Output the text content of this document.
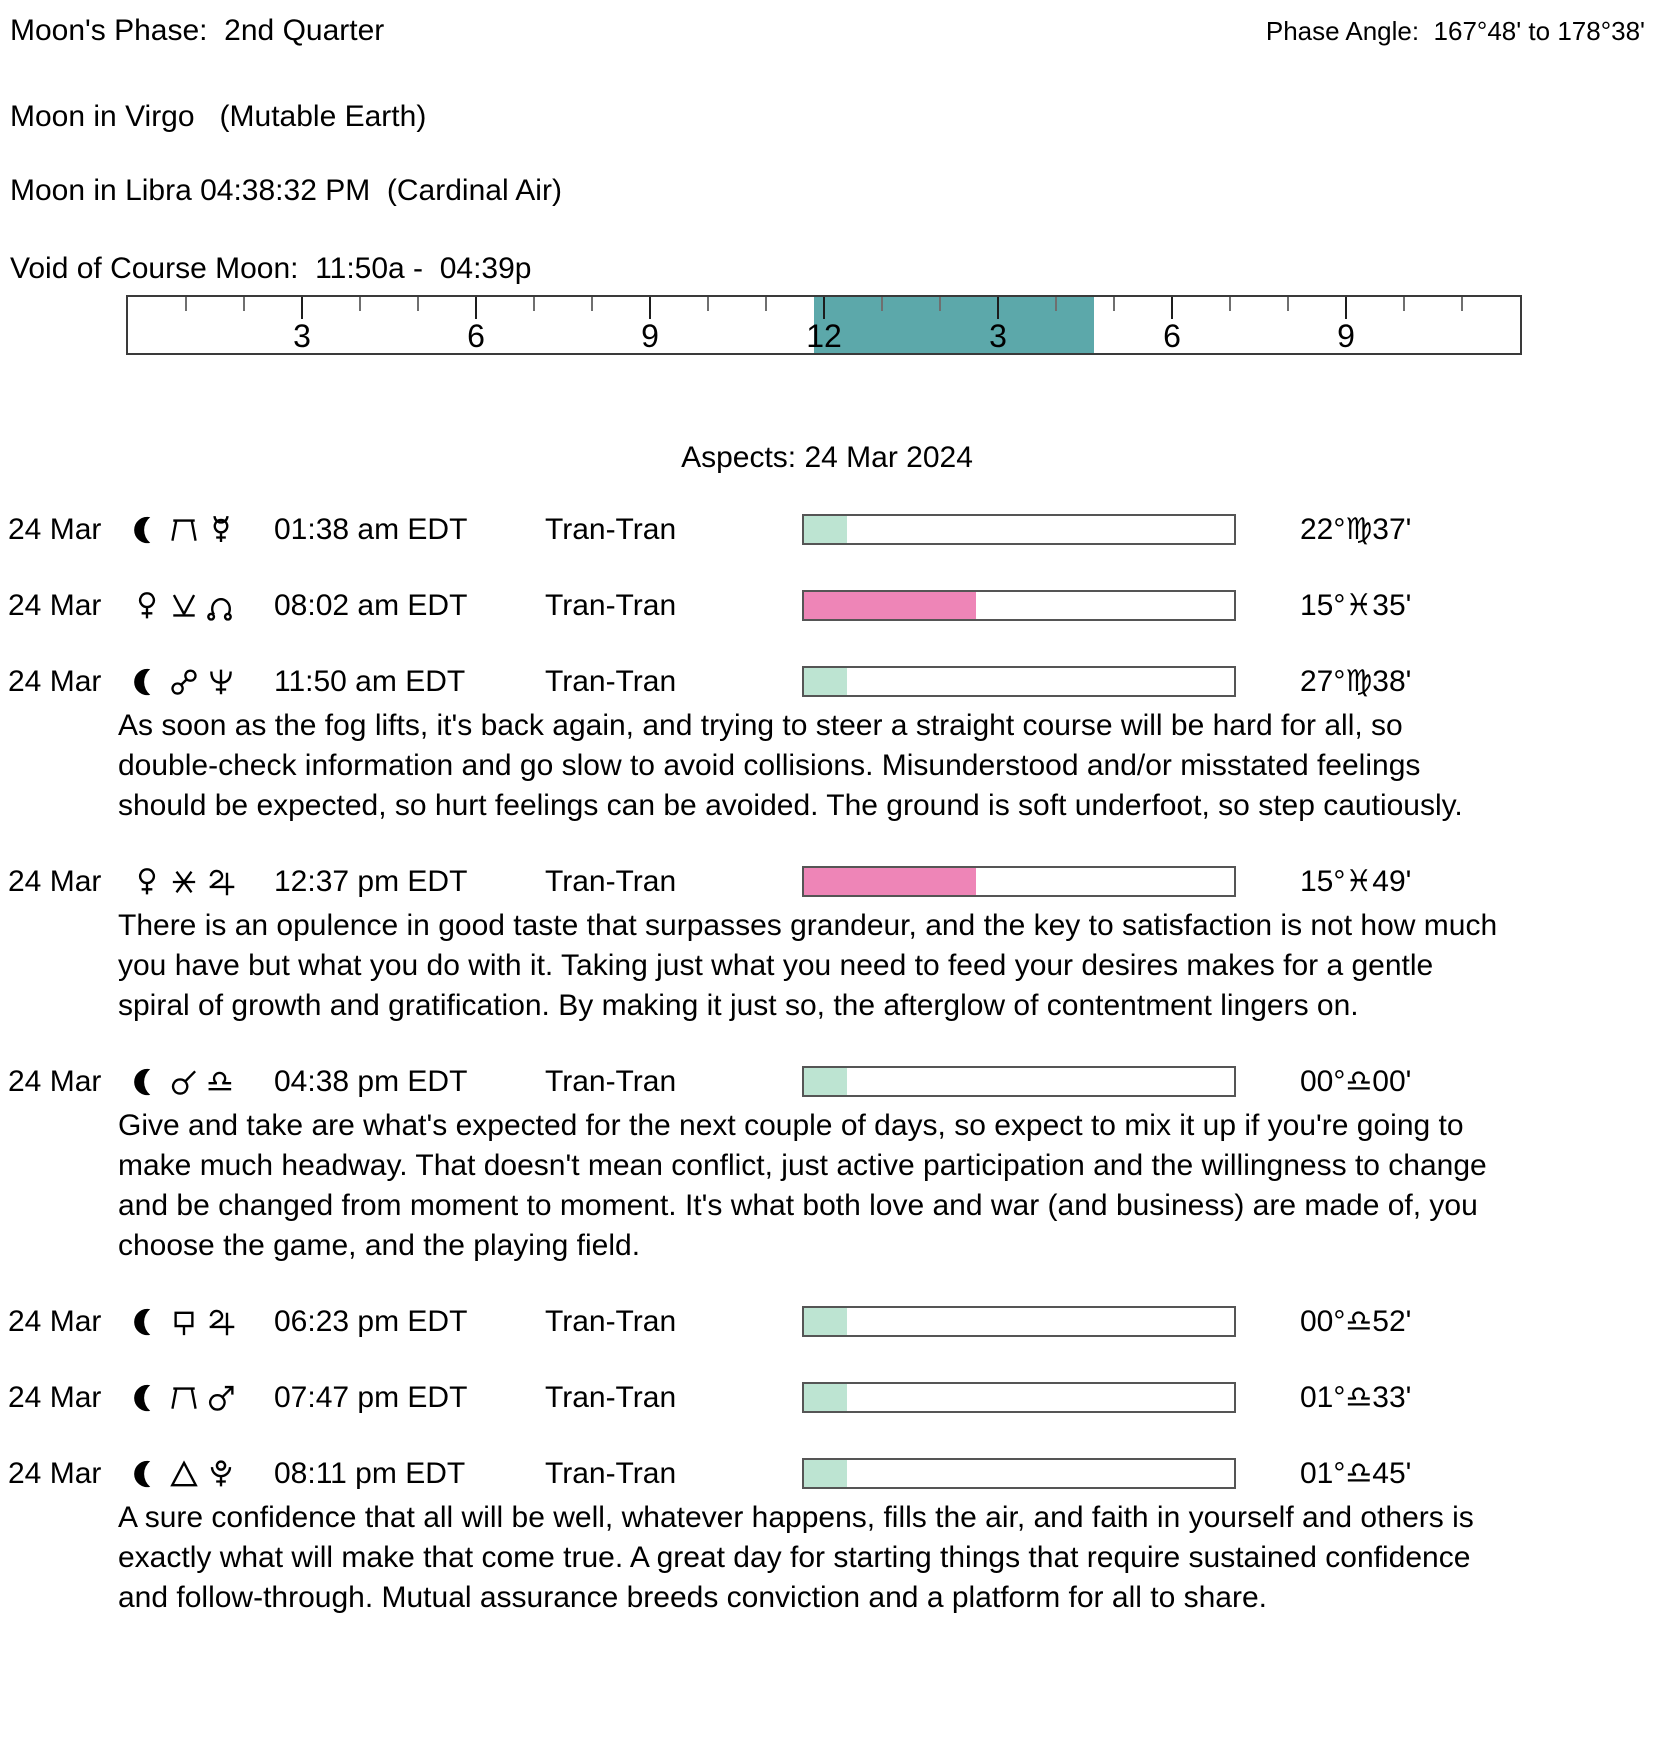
Moon's Phase:  2nd Quarter	Phase Angle:  167°48' to 178°38'
Moon in Virgo   (Mutable Earth)
Moon in Libra 04:38:32 PM  (Cardinal Air)
Void of Course Moon:  11:50a -  04:39p
3	6	9	12	3	6	9
Aspects: 24 Mar 2024
24 Mar	01:38 am EDT	Tran-Tran	22°♍37'
24 Mar	08:02 am EDT	Tran-Tran	15°♓35'
24 Mar	11:50 am EDT	Tran-Tran	27°♍38'
As soon as the fog lifts, it's back again, and trying to steer a straight course will be hard for all, so double-check information and go slow to avoid collisions. Misunderstood and/or misstated feelings should be expected, so hurt feelings can be avoided. The ground is soft underfoot, so step cautiously.
24 Mar	12:37 pm EDT	Tran-Tran	15°♓49'
There is an opulence in good taste that surpasses grandeur, and the key to satisfaction is not how much you have but what you do with it. Taking just what you need to feed your desires makes for a gentle spiral of growth and gratification. By making it just so, the afterglow of contentment lingers on.
24 Mar	♎ 04:38 pm EDT	Tran-Tran	00°♎00'
Give and take are what's expected for the next couple of days, so expect to mix it up if you're going to make much headway. That doesn't mean conflict, just active participation and the willingness to change and be changed from moment to moment. It's what both love and war (and business) are made of, you choose the game, and the playing field.
24 Mar	06:23 pm EDT	Tran-Tran	00°♎52'
24 Mar	07:47 pm EDT	Tran-Tran	01°♎33'
24 Mar	08:11 pm EDT	Tran-Tran	01°♎45'
A sure confidence that all will be well, whatever happens, fills the air, and faith in yourself and others is exactly what will make that come true. A great day for starting things that require sustained confidence and follow-through. Mutual assurance breeds conviction and a platform for all to share.
